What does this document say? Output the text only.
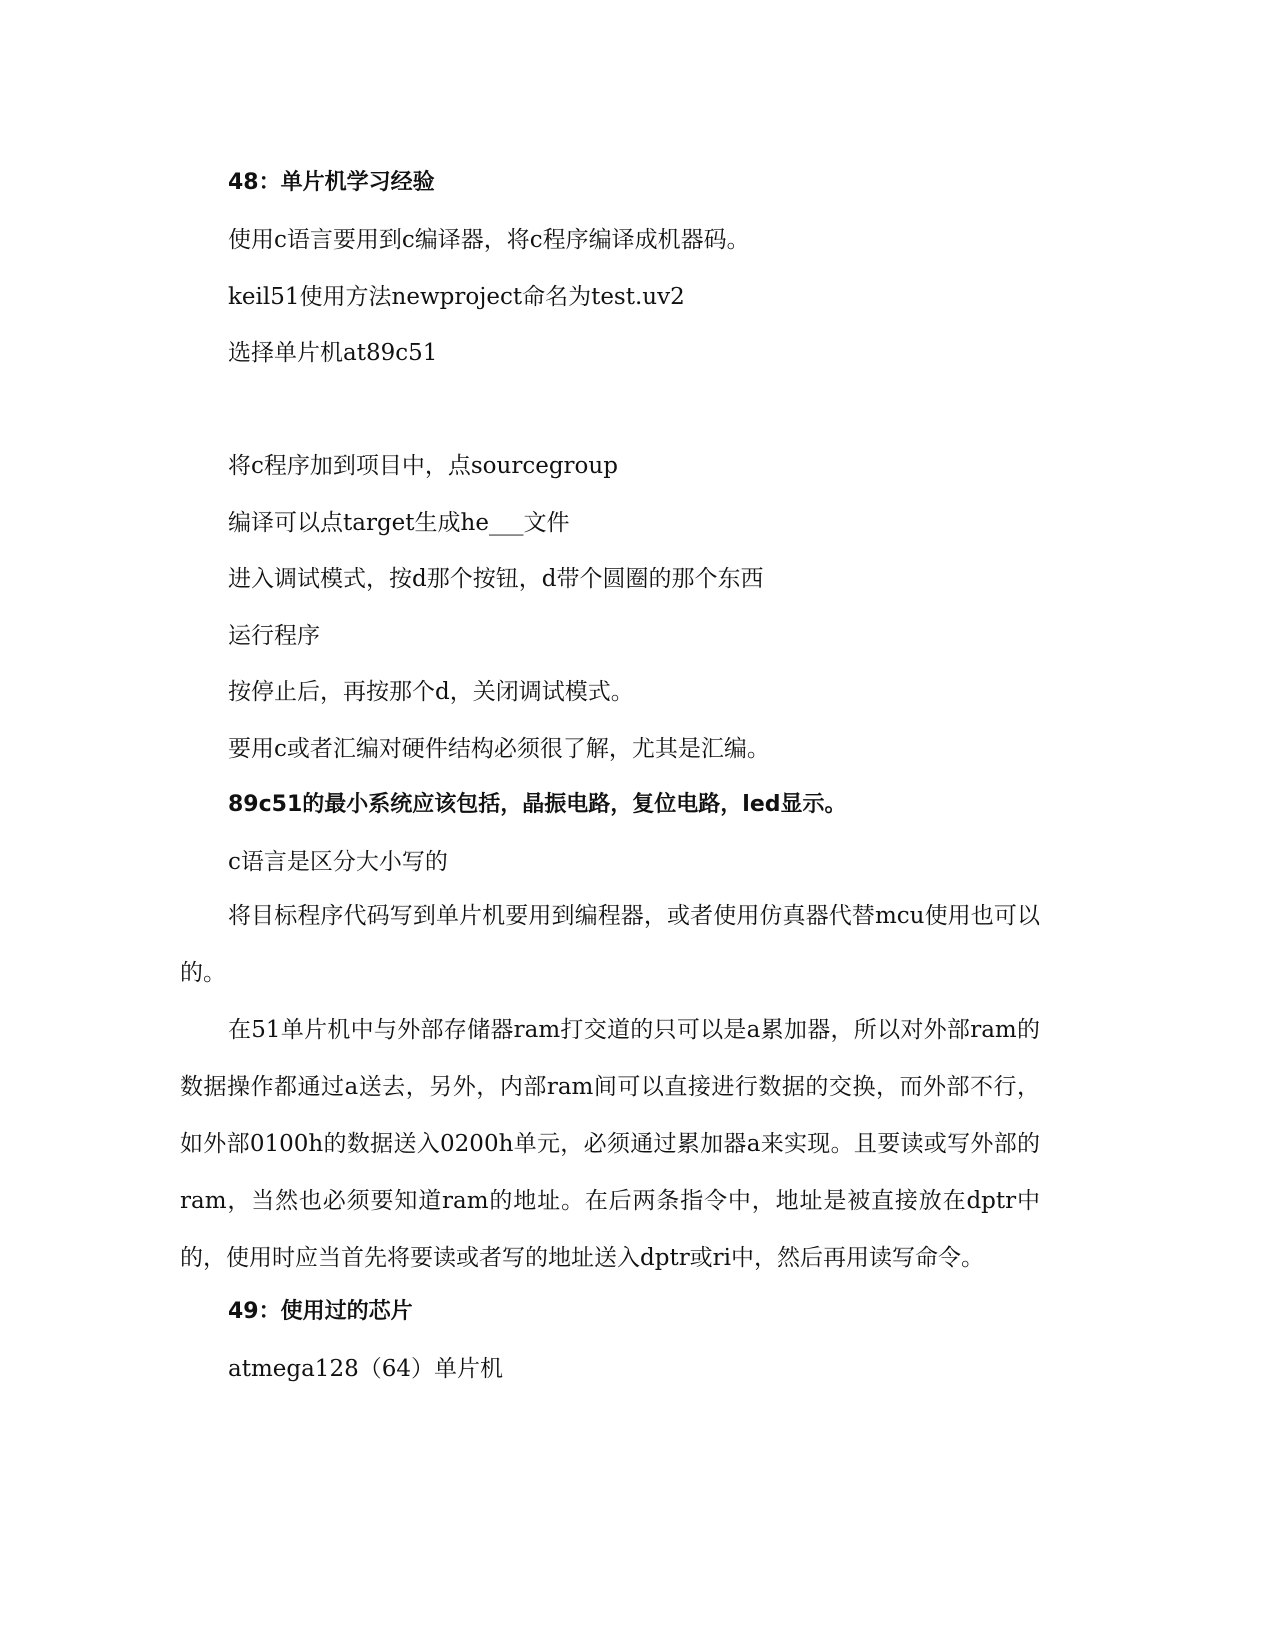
48：单片机学习经验
使用c语言要用到c编译器，将c程序编译成机器码。
keil51使用方法newproject命名为test.uv2
选择单片机at89c51
将c程序加到项目中，点sourcegroup
编译可以点target生成he___文件
进入调试模式，按d那个按钮，d带个圆圈的那个东西
运行程序
按停止后，再按那个d，关闭调试模式。
要用c或者汇编对硬件结构必须很了解，尤其是汇编。
89c51的最小系统应该包括，晶振电路，复位电路，led显示。
c语言是区分大小写的
将目标程序代码写到单片机要用到编程器，或者使用仿真器代替mcu使用也可以的。
在51单片机中与外部存储器ram打交道的只可以是a累加器，所以对外部ram的数据操作都通过a送去，另外，内部ram间可以直接进行数据的交换，而外部不行，如外部0100h的数据送入0200h单元，必须通过累加器a来实现。且要读或写外部的ram，当然也必须要知道ram的地址。在后两条指令中，地址是被直接放在dptr中的，使用时应当首先将要读或者写的地址送入dptr或ri中，然后再用读写命令。
49：使用过的芯片
atmega128（64）单片机
